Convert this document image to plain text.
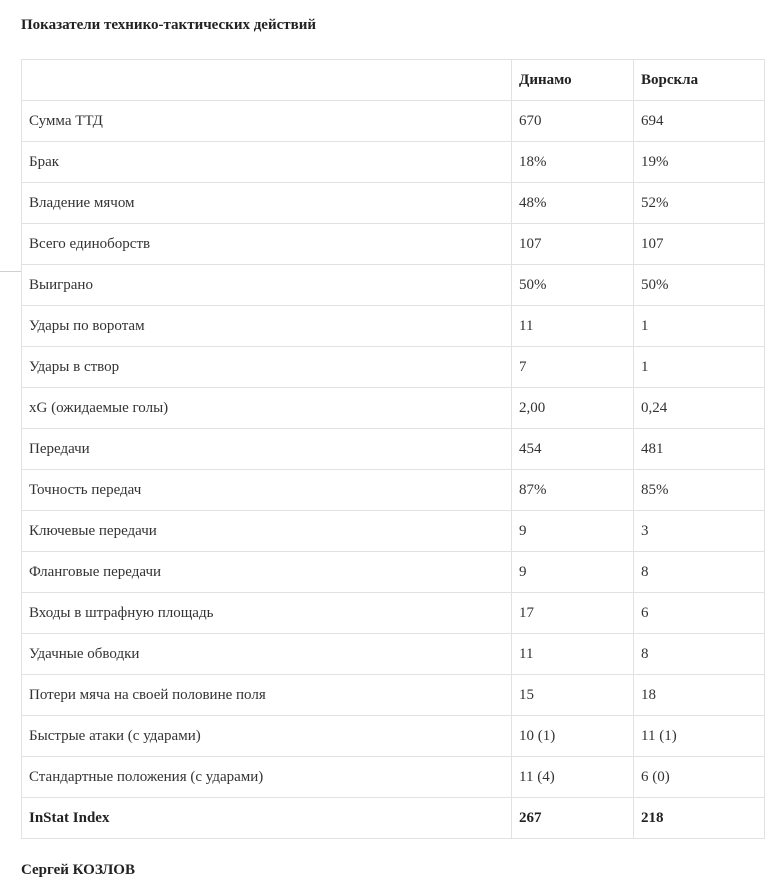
Показатели технико-тактических действий
	Динамо	Ворскла
Сумма ТТД	670	694
Брак	18%	19%
Владение мячом	48%	52%
Всего единоборств	107	107
Выиграно	50%	50%
Удары по воротам	11	1
Удары в створ	7	1
xG (ожидаемые голы)	2,00	0,24
Передачи	454	481
Точность передач	87%	85%
Ключевые передачи	9	3
Фланговые передачи	9	8
Входы в штрафную площадь	17	6
Удачные обводки	11	8
Потери мяча на своей половине поля	15	18
Быстрые атаки (с ударами)	10 (1)	11 (1)
Стандартные положения (с ударами)	11 (4)	6 (0)
InStat Index	267	218
Сергей КОЗЛОВ
